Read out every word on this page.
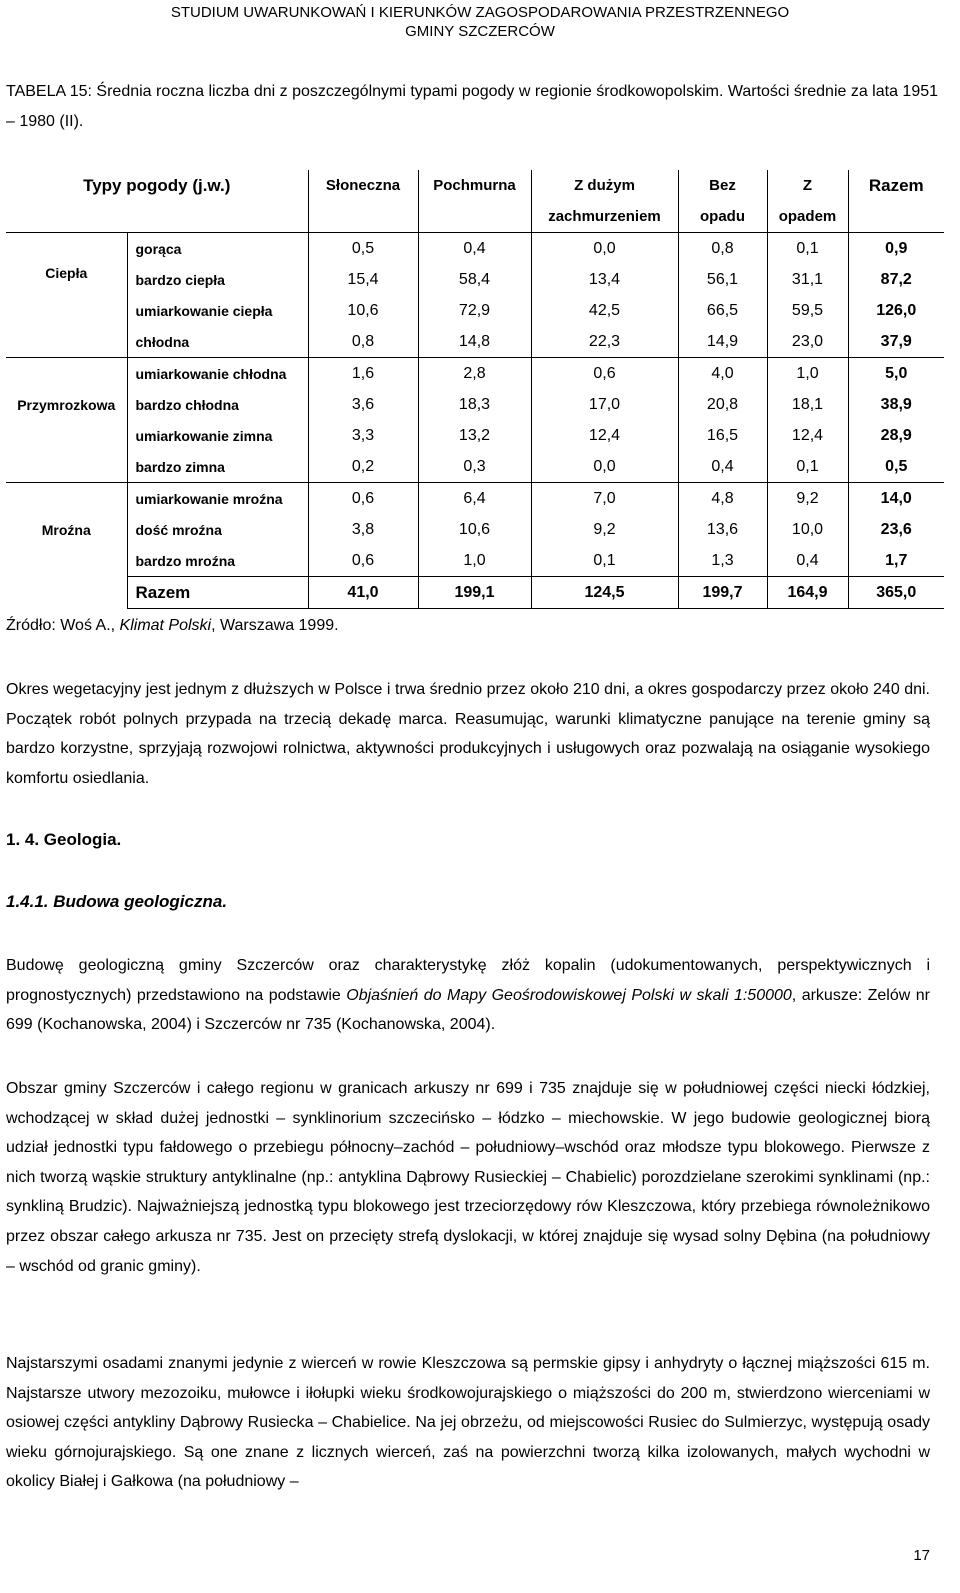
STUDIUM UWARUNKOWAŃ I KIERUNKÓW ZAGOSPODAROWANIA PRZESTRZENNEGO
GMINY SZCZERCÓW
TABELA 15: Średnia roczna liczba dni z poszczególnymi typami pogody w regionie środkowopolskim. Wartości średnie za lata 1951 – 1980 (II).
Typy pogody (j.w.)		Słoneczna	Pochmurna	Z dużym	Bez	Z	Razem
				zachmurzeniem	opadu	opadem	
Ciepła	gorąca	0,5	0,4	0,0	0,8	0,1	0,9
	bardzo ciepła	15,4	58,4	13,4	56,1	31,1	87,2
	umiarkowanie ciepła	10,6	72,9	42,5	66,5	59,5	126,0
	chłodna	0,8	14,8	22,3	14,9	23,0	37,9
Przymrozkowa	umiarkowanie chłodna	1,6	2,8	0,6	4,0	1,0	5,0
	bardzo chłodna	3,6	18,3	17,0	20,8	18,1	38,9
	umiarkowanie zimna	3,3	13,2	12,4	16,5	12,4	28,9
	bardzo zimna	0,2	0,3	0,0	0,4	0,1	0,5
Mroźna	umiarkowanie mroźna	0,6	6,4	7,0	4,8	9,2	14,0
	dość mroźna	3,8	10,6	9,2	13,6	10,0	23,6
	bardzo mroźna	0,6	1,0	0,1	1,3	0,4	1,7
	Razem	41,0	199,1	124,5	199,7	164,9	365,0
Źródło: Woś A., Klimat Polski, Warszawa 1999.

Okres wegetacyjny jest jednym z dłuższych w Polsce i trwa średnio przez około 210 dni, a okres gospodarczy przez około 240 dni. Początek robót polnych przypada na trzecią dekadę marca. Reasumując, warunki klimatyczne panujące na terenie gminy są bardzo korzystne, sprzyjają rozwojowi rolnictwa, aktywności produkcyjnych i usługowych oraz pozwalają na osiąganie wysokiego komfortu osiedlania.

1. 4. Geologia.
1.4.1. Budowa geologiczna.

Budowę geologiczną gminy Szczerców oraz charakterystykę złóż kopalin (udokumentowanych, perspektywicznych i prognostycznych) przedstawiono na podstawie Objaśnień do Mapy Geośrodowiskowej Polski w skali 1:50000, arkusze: Zelów nr 699 (Kochanowska, 2004) i Szczerców nr 735 (Kochanowska, 2004).

Obszar gminy Szczerców i całego regionu w granicach arkuszy nr 699 i 735 znajduje się w południowej części niecki łódzkiej, wchodzącej w skład dużej jednostki – synklinorium szczecińsko – łódzko – miechowskie. W jego budowie geologicznej biorą udział jednostki typu fałdowego o przebiegu północny–zachód – południowy–wschód oraz młodsze typu blokowego. Pierwsze z nich tworzą wąskie struktury antyklinalne (np.: antyklina Dąbrowy Rusieckiej – Chabielic) porozdzielane szerokimi synklinami (np.: synkliną Brudzic). Najważniejszą jednostką typu blokowego jest trzeciorzędowy rów Kleszczowa, który przebiega równoleżnikowo przez obszar całego arkusza nr 735. Jest on przecięty strefą dyslokacji, w której znajduje się wysad solny Dębina (na południowy – wschód od granic gminy).

Najstarszymi osadami znanymi jedynie z wierceń w rowie Kleszczowa są permskie gipsy i anhydryty o łącznej miąższości 615 m. Najstarsze utwory mezozoiku, mułowce i iłołupki wieku środkowojurajskiego o miąższości do 200 m, stwierdzono wierceniami w osiowej części antykliny Dąbrowy Rusiecka – Chabielice. Na jej obrzeżu, od miejscowości Rusiec do Sulmierzyc, występują osady wieku górnojurajskiego. Są one znane z licznych wierceń, zaś na powierzchni tworzą kilka izolowanych, małych wychodni w okolicy Białej i Gałkowa (na południowy –

17
